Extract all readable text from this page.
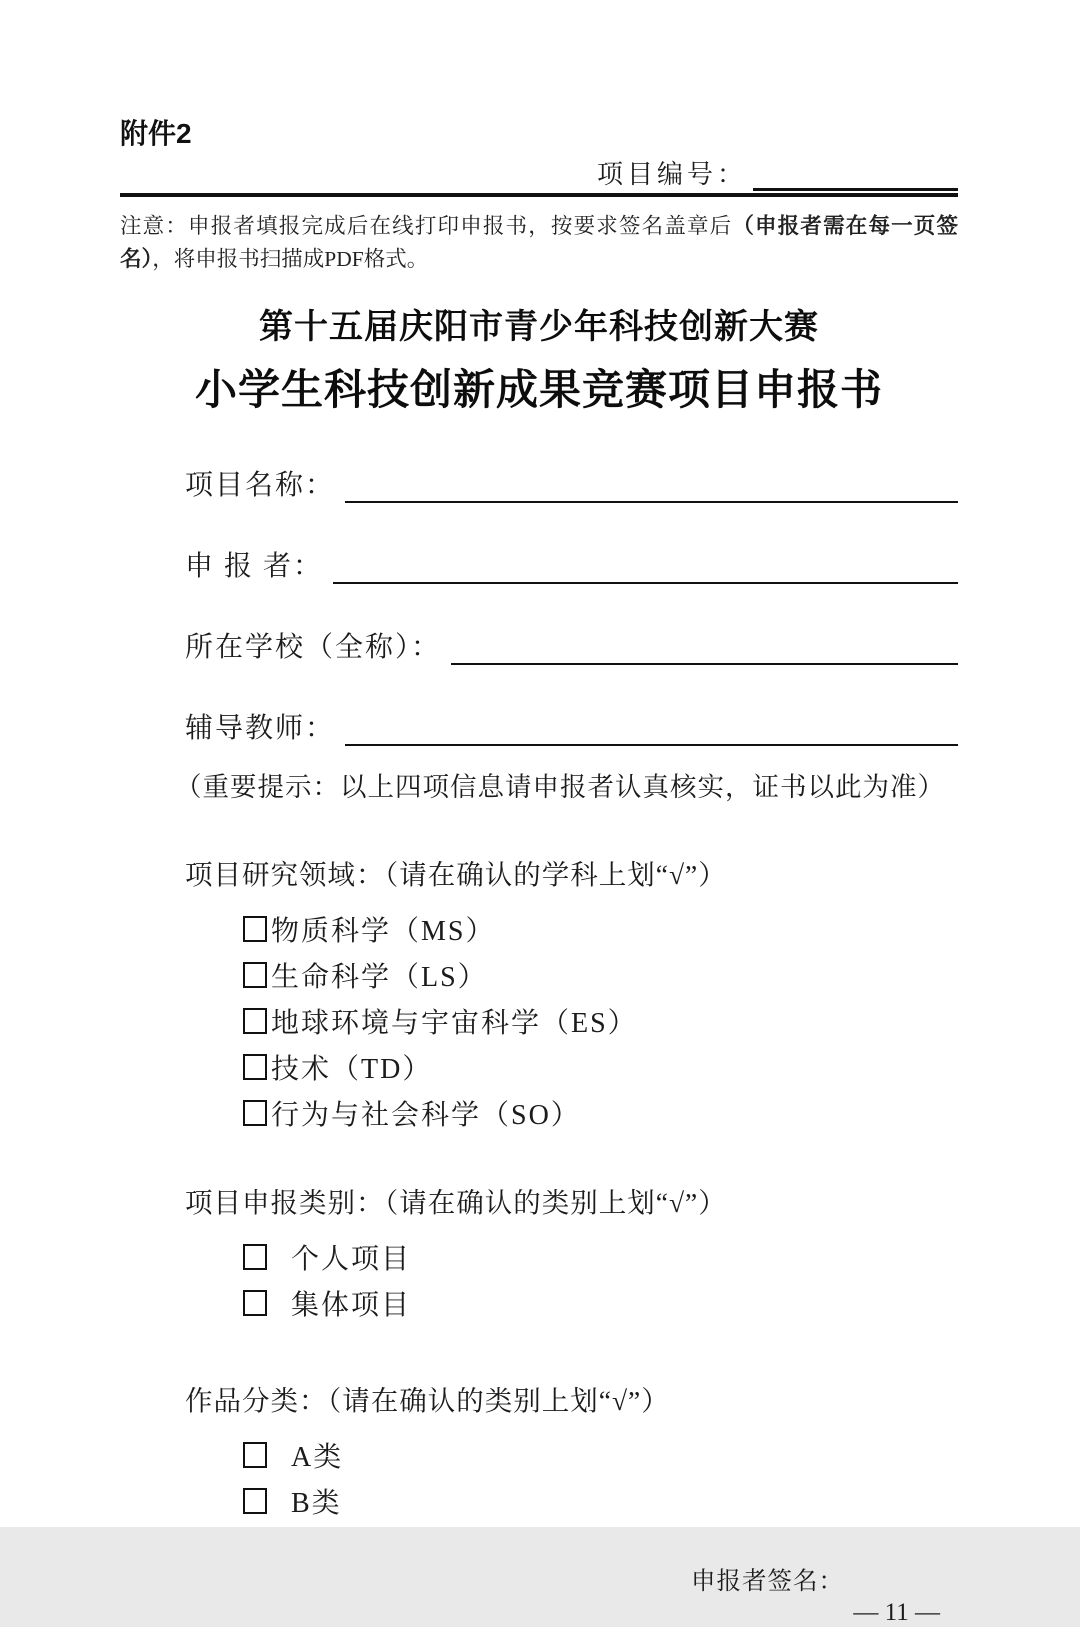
附件2
项目编号：

注意：申报者填报完成后在线打印申报书，按要求签名盖章后（申报者需在每一页签名），将申报书扫描成PDF格式。

第十五届庆阳市青少年科技创新大赛
小学生科技创新成果竞赛项目申报书
项目名称：
申 报 者：
所在学校（全称）：
辅导教师：
（重要提示：以上四项信息请申报者认真核实，证书以此为准）
项目研究领域：（请在确认的学科上划“√”）
物质科学（MS）
生命科学（LS）
地球环境与宇宙科学（ES）
技术（TD）
行为与社会科学（SO）
项目申报类别：（请在确认的类别上划“√”）
个人项目
集体项目
作品分类：（请在确认的类别上划“√”）
A类
B类
申报者签名：
— 11 —
